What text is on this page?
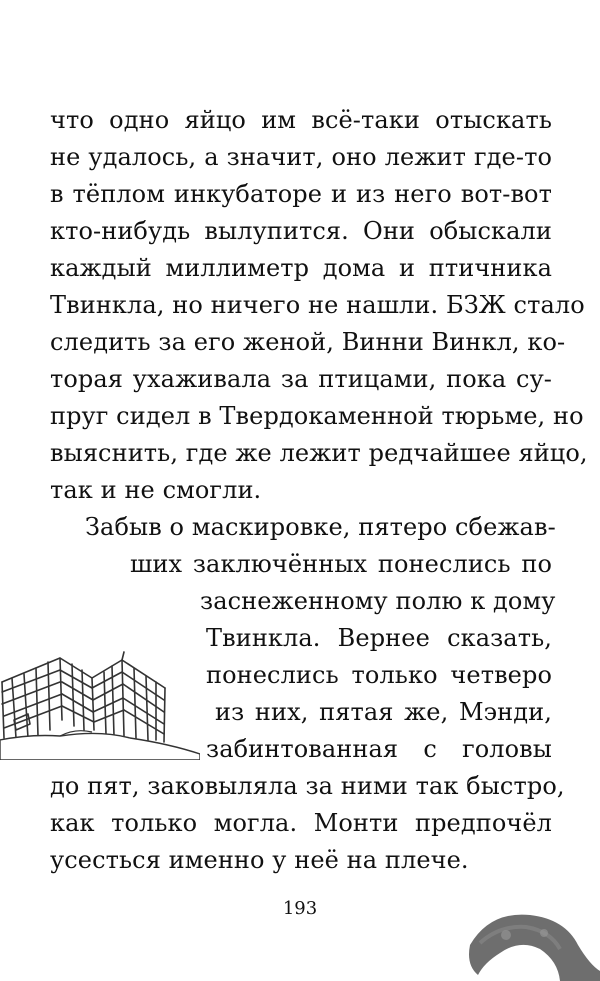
что одно яйцо им всё-таки отыскать
не удалось, а значит, оно лежит где-то
в тёплом инкубаторе и из него вот-вот
кто-нибудь вылупится. Они обыскали
каждый миллиметр дома и птичника
Твинкла, но ничего не нашли. БЗЖ стало
следить за его женой, Винни Винкл, ко-
торая ухаживала за птицами, пока су-
пруг сидел в Твердокаменной тюрьме, но
выяснить, где же лежит редчайшее яйцо,
так и не смогли.
Забыв о маскировке, пятеро сбежав-
ших заключённых понеслись по
заснеженному полю к дому
Твинкла. Вернее сказать,
понеслись только четверо
из них, пятая же, Мэнди,
забинтованная с головы
до пят, заковыляла за ними так быстро,
как только могла. Монти предпочёл
усесться именно у неё на плече.
193
